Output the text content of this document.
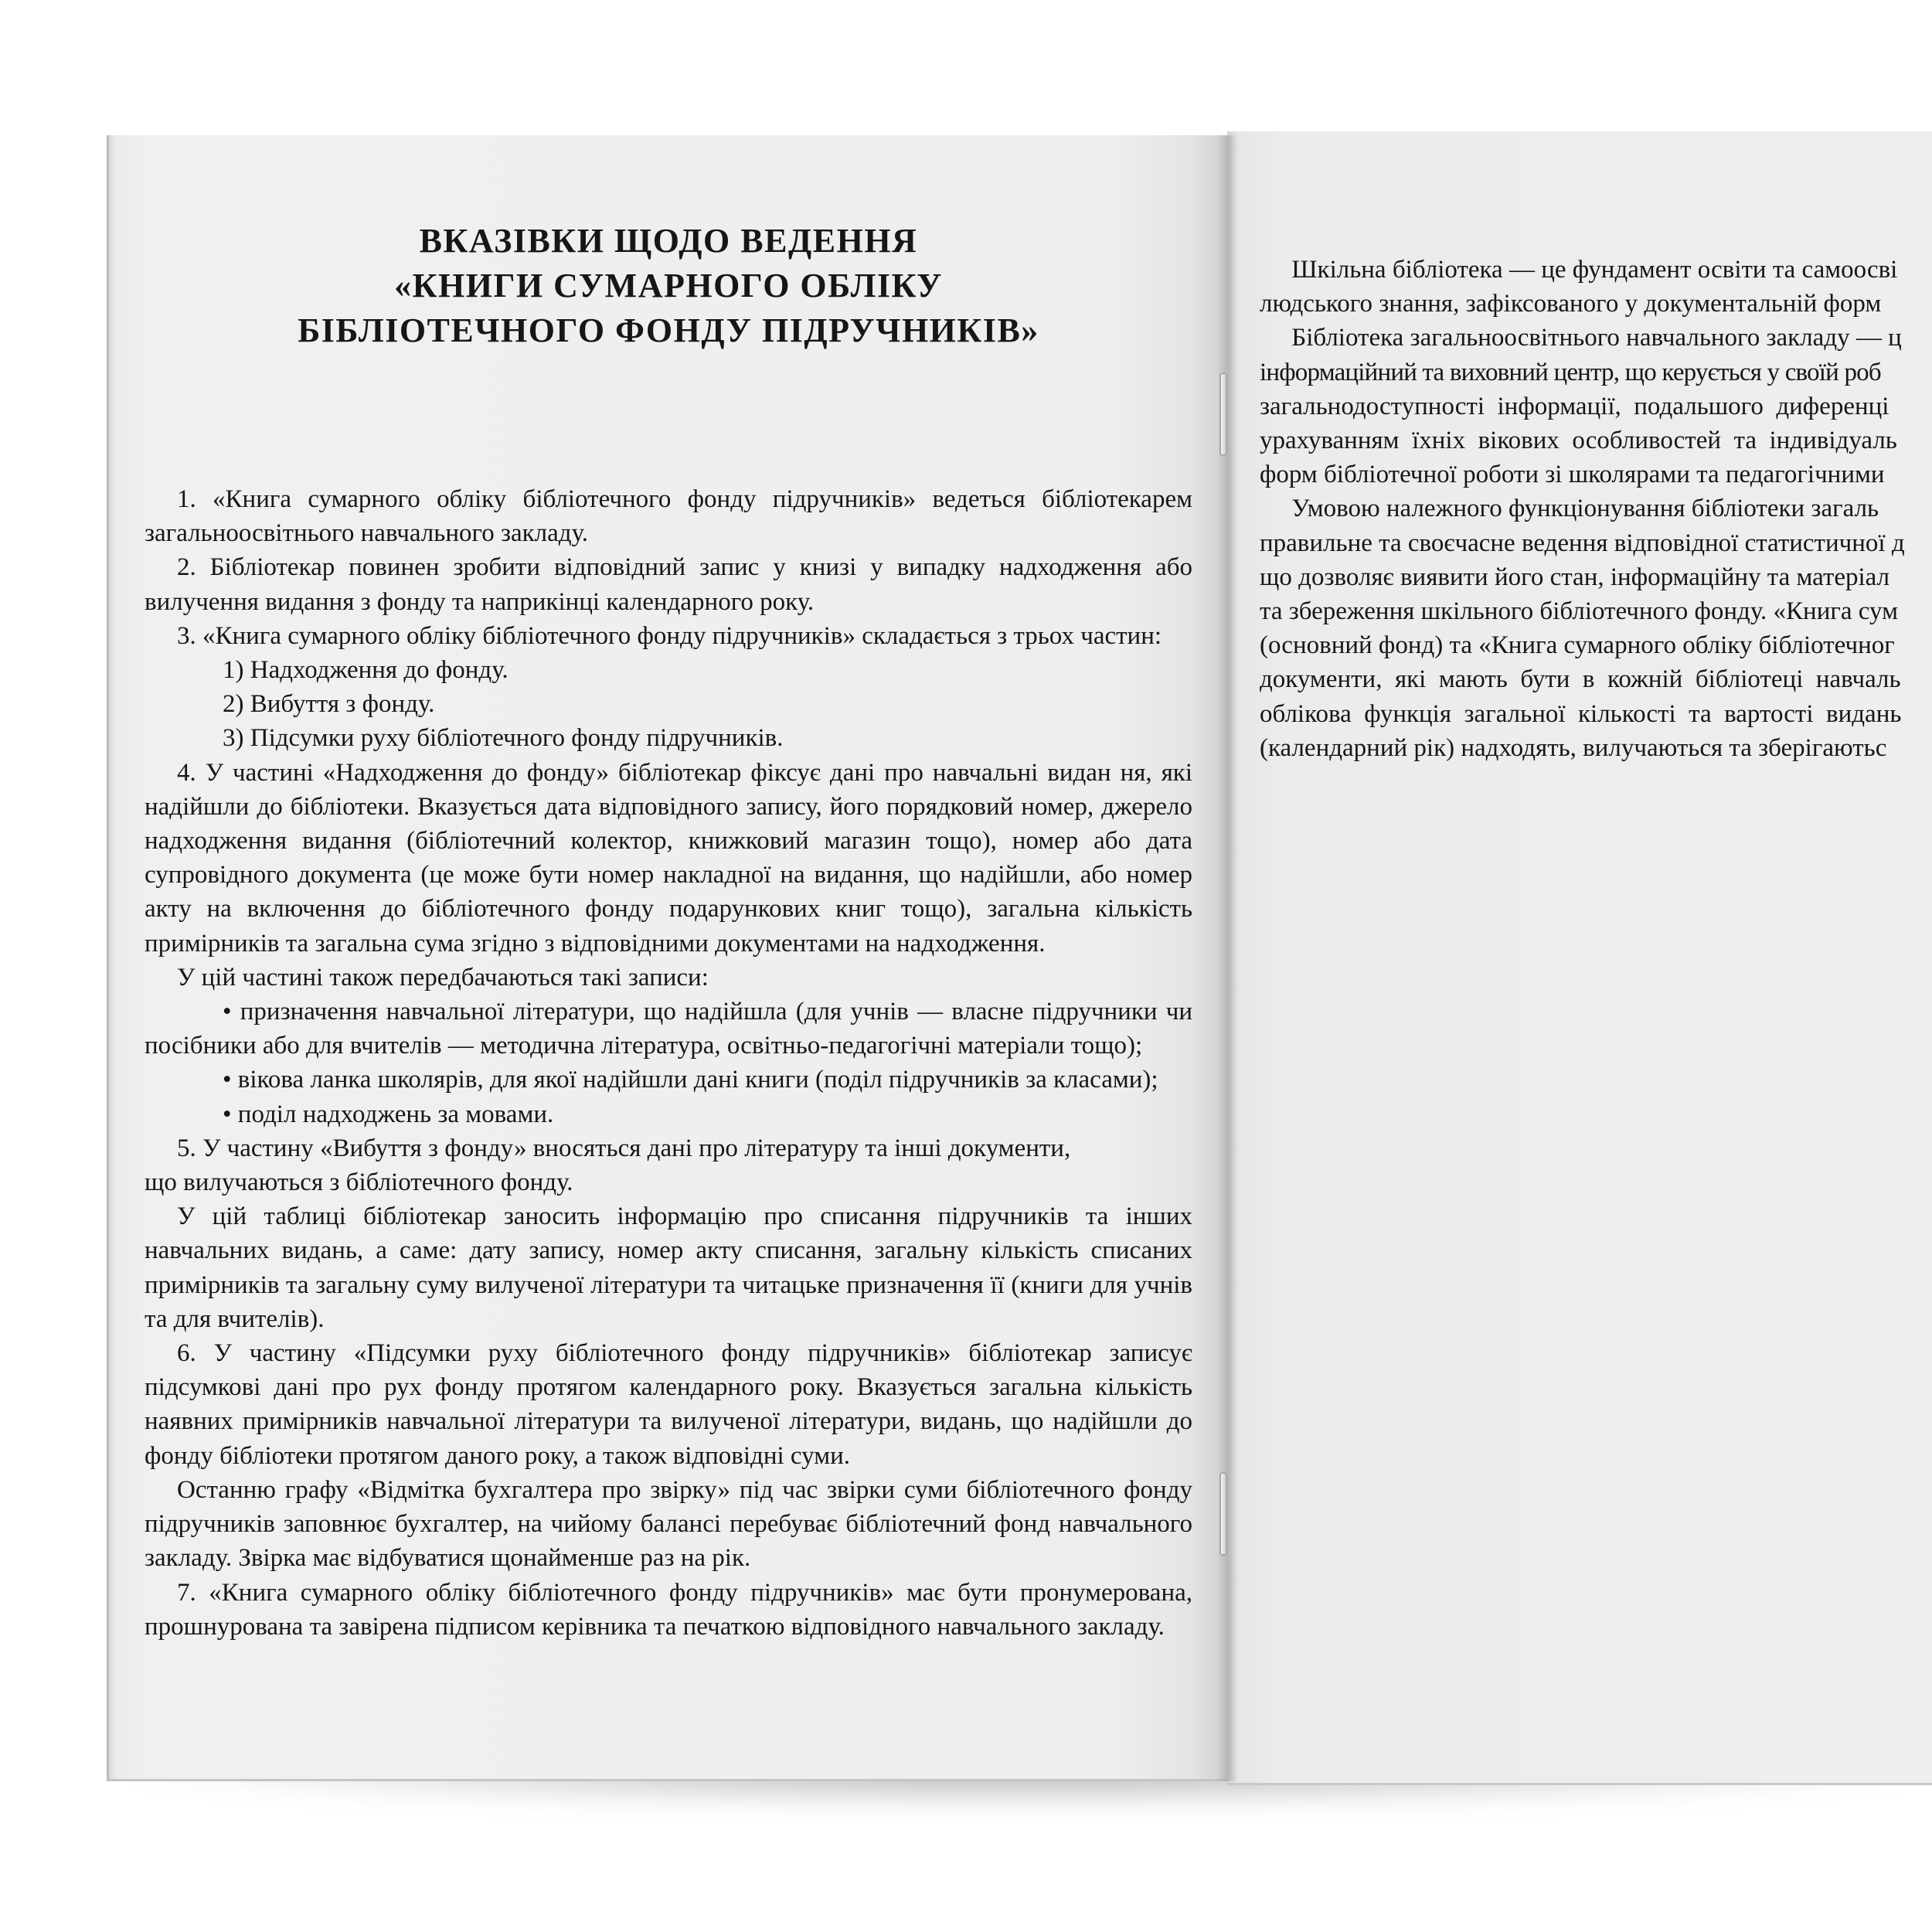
ВКАЗІВКИ ЩОДО ВЕДЕННЯ
«КНИГИ СУМАРНОГО ОБЛІКУ
БІБЛІОТЕЧНОГО ФОНДУ ПІДРУЧНИКІВ»

1. «Книга сумарного обліку бібліотечного фонду підручників» ведеться бібліотекарем загальноосвітнього навчального закладу.

2. Бібліотекар повинен зробити відповідний запис у книзі у випадку надходження або вилучення видання з фонду та наприкінці календарного року.

3. «Книга сумарного обліку бібліотечного фонду підручників» складається з трьох частин:

1) Надходження до фонду.

2) Вибуття з фонду.

3) Підсумки руху бібліотечного фонду підручників.

4. У частині «Надходження до фонду» бібліотекар фіксує дані про навчальні видан ня, які надійшли до бібліотеки. Вказується дата відповідного запису, його порядковий номер, джерело надходження видання (бібліотечний колектор, книжковий магазин тощо), номер або дата супровідного документа (це може бути номер накладної на видання, що надійшли, або номер акту на включення до бібліотечного фонду подарункових книг тощо), загальна кількість примірників та загальна сума згідно з відповідними документами на надходження.

У цій частині також передбачаються такі записи:

• призначення навчальної літератури, що надійшла (для учнів — власне підручники чи посібники або для вчителів — методична література, освітньо-педагогічні матеріали тощо);

• вікова ланка школярів, для якої надійшли дані книги (поділ підручників за класами);

• поділ надходжень за мовами.

5. У частину «Вибуття з фонду» вносяться дані про літературу та інші документи,

що вилучаються з бібліотечного фонду.

У цій таблиці бібліотекар заносить інформацію про списання підручників та інших навчальних видань, а саме: дату запису, номер акту списання, загальну кількість списаних примірників та загальну суму вилученої літератури та читацьке призначення її (книги для учнів та для вчителів).

6. У частину «Підсумки руху бібліотечного фонду підручників» бібліотекар записує підсумкові дані про рух фонду протягом календарного року. Вказується загальна кількість наявних примірників навчальної літератури та вилученої літератури, видань, що надійшли до фонду бібліотеки протягом даного року, а також відповідні суми.

Останню графу «Відмітка бухгалтера про звірку» під час звірки суми бібліотечного фонду підручників заповнює бухгалтер, на чийому балансі перебуває бібліотечний фонд навчального закладу. Звірка має відбуватися щонайменше раз на рік.

7. «Книга сумарного обліку бібліотечного фонду підручників» має бути пронумерована, прошнурована та завірена підписом керівника та печаткою відповідного навчального закладу.

Шкільна бібліотека — це фундамент освіти та самоосві

людського знання, зафіксованого у документальній форм

Бібліотека загальноосвітнього навчального закладу — ц

інформаційний та виховний центр, що керується у своїй роб

загальнодоступності  інформації,  подальшого  диференці

урахуванням  їхніх  вікових  особливостей  та  індивідуаль

форм бібліотечної роботи зі школярами та педагогічними

Умовою належного функціонування бібліотеки загаль

правильне та своєчасне ведення відповідної статистичної д

що дозволяє виявити його стан, інформаційну та матеріал

та збереження шкільного бібліотечного фонду. «Книга сум

(основний фонд) та «Книга сумарного обліку бібліотечног

документи,  які  мають  бути  в  кожній  бібліотеці  навчаль

облікова  функція  загальної  кількості  та  вартості  видань

(календарний рік) надходять, вилучаються та зберігаютьс
